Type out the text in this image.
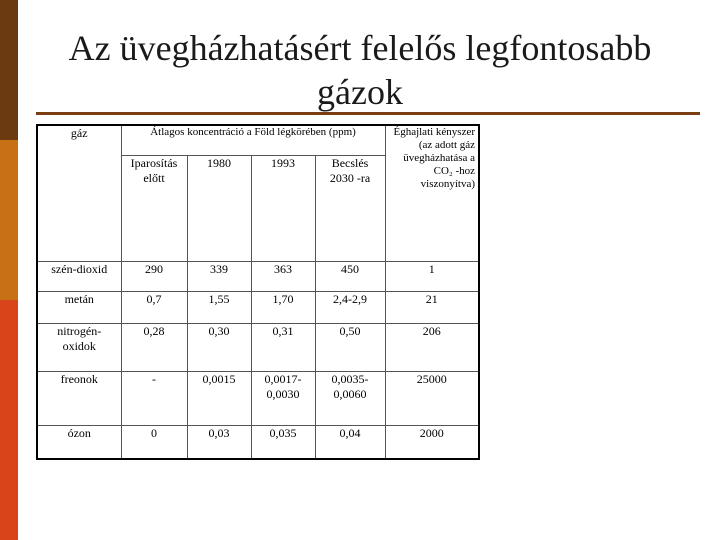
Az üvegházhatásért felelős legfontosabb gázok
gáz	Átlagos koncentráció a Föld légkörében (ppm)				Éghajlati kényszer (az adott gáz üvegházhatása a CO₂ -hoz viszonyítva)
	Iparosítás előtt	1980	1993	Becslés 2030 -ra	
szén-dioxid	290	339	363	450	1
metán	0,7	1,55	1,70	2,4-2,9	21
nitrogén-oxidok	0,28	0,30	0,31	0,50	206
freonok	-	0,0015	0,0017-0,0030	0,0035-0,0060	25000
ózon	0	0,03	0,035	0,04	2000
